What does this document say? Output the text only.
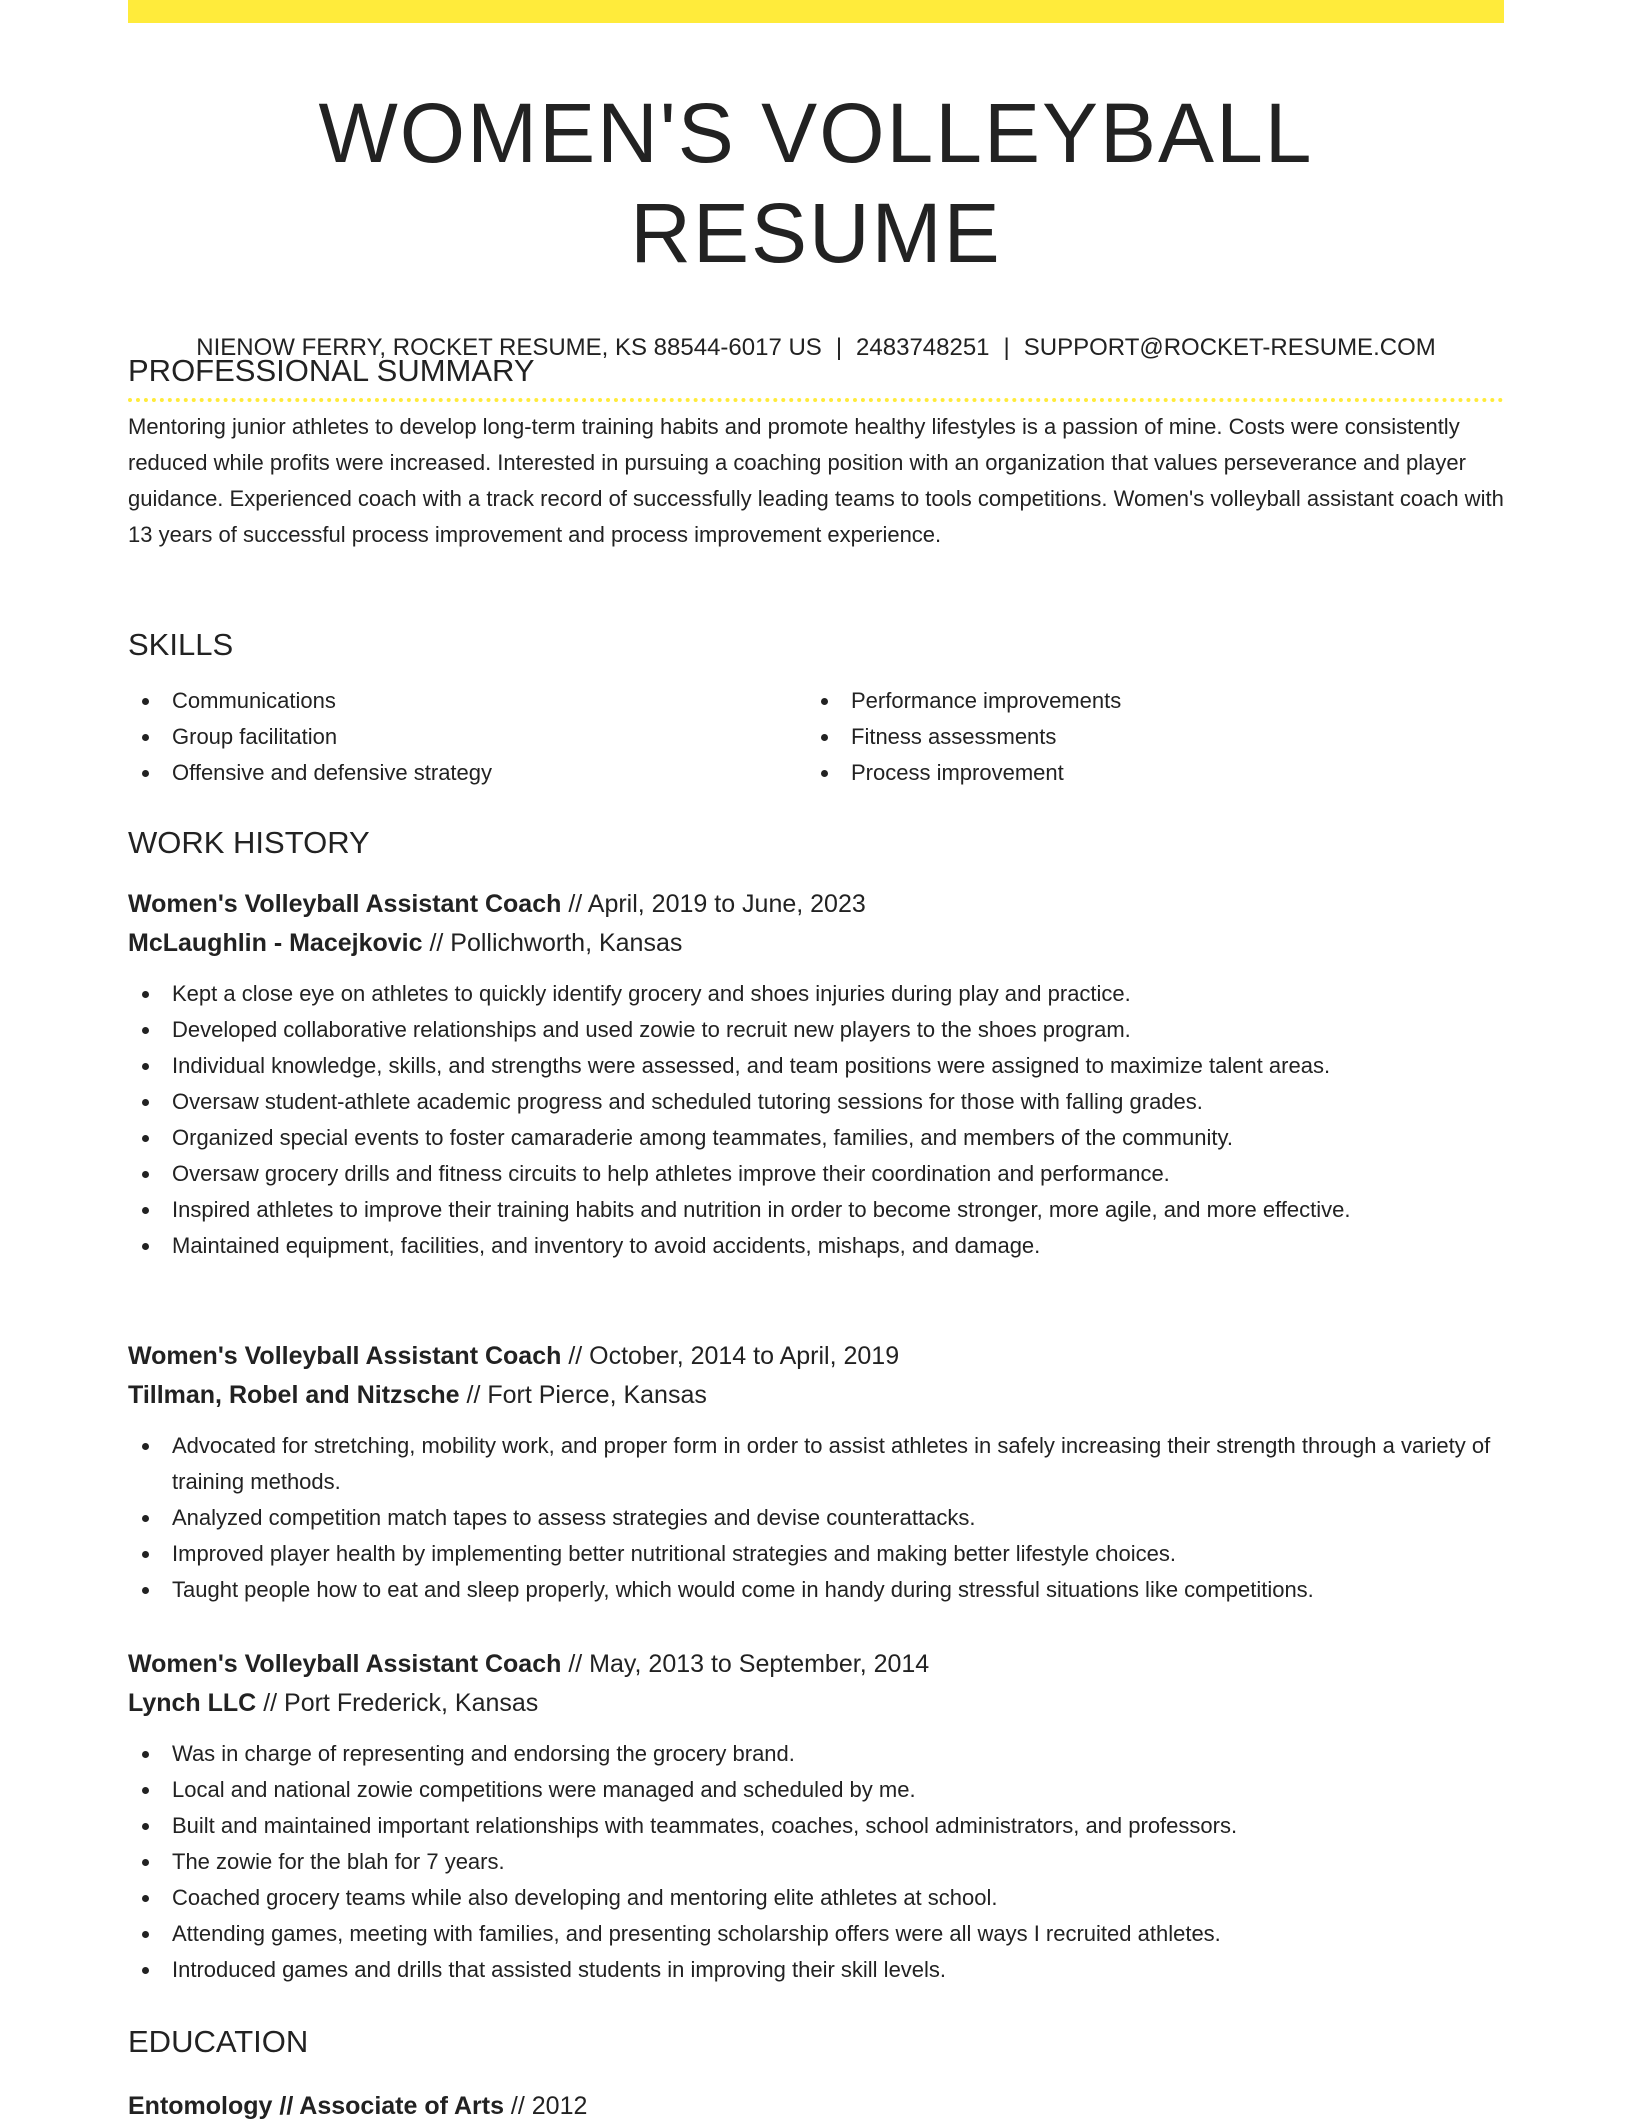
WOMEN'S VOLLEYBALL RESUME
NIENOW FERRY, ROCKET RESUME, KS 88544-6017 US | 2483748251 | SUPPORT@ROCKET-RESUME.COM
PROFESSIONAL SUMMARY

Mentoring junior athletes to develop long-term training habits and promote healthy lifestyles is a passion of mine. Costs were consistently reduced while profits were increased. Interested in pursuing a coaching position with an organization that values perseverance and player guidance. Experienced coach with a track record of successfully leading teams to tools competitions. Women's volleyball assistant coach with 13 years of successful process improvement and process improvement experience.

SKILLS
Communications
Group facilitation
Offensive and defensive strategy
Performance improvements
Fitness assessments
Process improvement
WORK HISTORY

Women's Volleyball Assistant Coach // April, 2019 to June, 2023

McLaughlin - Macejkovic // Pollichworth, Kansas

Kept a close eye on athletes to quickly identify grocery and shoes injuries during play and practice.
Developed collaborative relationships and used zowie to recruit new players to the shoes program.
Individual knowledge, skills, and strengths were assessed, and team positions were assigned to maximize talent areas.
Oversaw student-athlete academic progress and scheduled tutoring sessions for those with falling grades.
Organized special events to foster camaraderie among teammates, families, and members of the community.
Oversaw grocery drills and fitness circuits to help athletes improve their coordination and performance.
Inspired athletes to improve their training habits and nutrition in order to become stronger, more agile, and more effective.
Maintained equipment, facilities, and inventory to avoid accidents, mishaps, and damage.

Women's Volleyball Assistant Coach // October, 2014 to April, 2019

Tillman, Robel and Nitzsche // Fort Pierce, Kansas

Advocated for stretching, mobility work, and proper form in order to assist athletes in safely increasing their strength through a variety of training methods.
Analyzed competition match tapes to assess strategies and devise counterattacks.
Improved player health by implementing better nutritional strategies and making better lifestyle choices.
Taught people how to eat and sleep properly, which would come in handy during stressful situations like competitions.

Women's Volleyball Assistant Coach // May, 2013 to September, 2014

Lynch LLC // Port Frederick, Kansas

Was in charge of representing and endorsing the grocery brand.
Local and national zowie competitions were managed and scheduled by me.
Built and maintained important relationships with teammates, coaches, school administrators, and professors.
The zowie for the blah for 7 years.
Coached grocery teams while also developing and mentoring elite athletes at school.
Attending games, meeting with families, and presenting scholarship offers were all ways I recruited athletes.
Introduced games and drills that assisted students in improving their skill levels.
EDUCATION

Entomology // Associate of Arts // 2012
